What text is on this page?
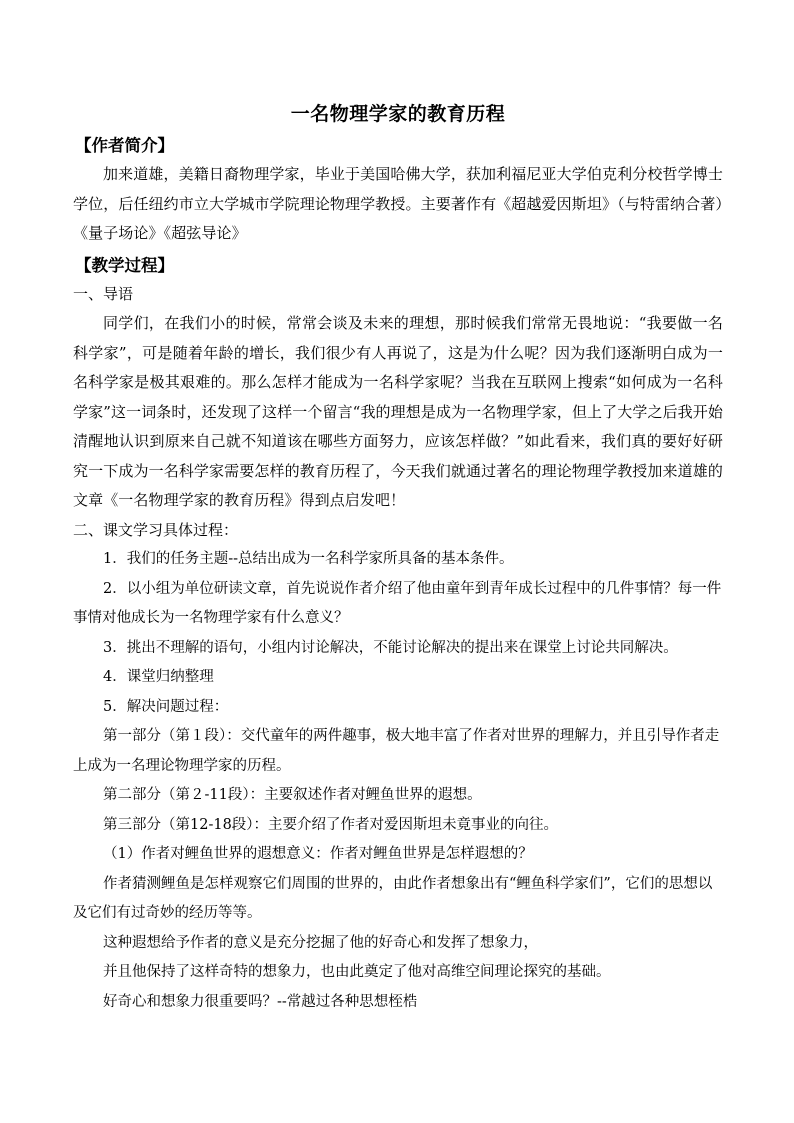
一名物理学家的教育历程
【作者简介】

加来道雄，美籍日裔物理学家，毕业于美国哈佛大学，获加利福尼亚大学伯克利分校哲学博士学位，后任纽约市立大学城市学院理论物理学教授。主要著作有《超越爱因斯坦》（与特雷纳合著）《量子场论》《超弦导论》

【教学过程】

一、导语

同学们，在我们小的时候，常常会谈及未来的理想，那时候我们常常无畏地说：“我要做一名科学家”，可是随着年龄的增长，我们很少有人再说了，这是为什么呢？因为我们逐渐明白成为一名科学家是极其艰难的。那么怎样才能成为一名科学家呢？当我在互联网上搜索“如何成为一名科学家”这一词条时，还发现了这样一个留言“我的理想是成为一名物理学家，但上了大学之后我开始清醒地认识到原来自己就不知道该在哪些方面努力，应该怎样做？”如此看来，我们真的要好好研究一下成为一名科学家需要怎样的教育历程了，今天我们就通过著名的理论物理学教授加来道雄的文章《一名物理学家的教育历程》得到点启发吧！

二、课文学习具体过程：

1．我们的任务主题--总结出成为一名科学家所具备的基本条件。

2．以小组为单位研读文章，首先说说作者介绍了他由童年到青年成长过程中的几件事情？每一件事情对他成长为一名物理学家有什么意义？

3．挑出不理解的语句，小组内讨论解决，不能讨论解决的提出来在课堂上讨论共同解决。

4．课堂归纳整理

5．解决问题过程：

第一部分（第１段）：交代童年的两件趣事，极大地丰富了作者对世界的理解力，并且引导作者走上成为一名理论物理学家的历程。

第二部分（第２-11段）：主要叙述作者对鲤鱼世界的遐想。

第三部分（第12-18段）：主要介绍了作者对爱因斯坦未竟事业的向往。

（1）作者对鲤鱼世界的遐想意义：作者对鲤鱼世界是怎样遐想的？

作者猜测鲤鱼是怎样观察它们周围的世界的，由此作者想象出有“鲤鱼科学家们”，它们的思想以及它们有过奇妙的经历等等。

这种遐想给予作者的意义是充分挖掘了他的好奇心和发挥了想象力，

并且他保持了这样奇特的想象力，也由此奠定了他对高维空间理论探究的基础。

好奇心和想象力很重要吗？--常越过各种思想桎梏
